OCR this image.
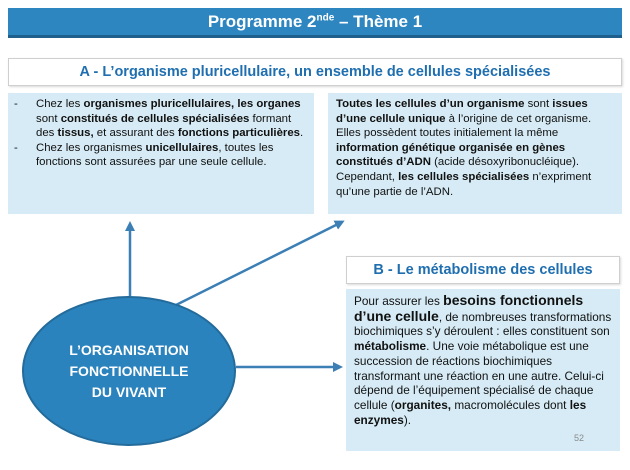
Programme 2nde – Thème 1
A - L’organisme pluricellulaire, un ensemble de cellules spécialisées
- Chez les organismes pluricellulaires, les organes sont constitués de cellules spécialisées formant des tissus, et assurant des fonctions particulières.
- Chez les organismes unicellulaires, toutes les fonctions sont assurées par une seule cellule.
Toutes les cellules d’un organisme sont issues d’une cellule unique à l’origine de cet organisme. Elles possèdent toutes initialement la même information génétique organisée en gènes constitués d’ADN (acide désoxyribonucléique). Cependant, les cellules spécialisées n’expriment qu’une partie de l’ADN.
B - Le métabolisme des cellules
Pour assurer les besoins fonctionnels d’une cellule, de nombreuses transformations biochimiques s’y déroulent : elles constituent son métabolisme. Une voie métabolique est une succession de réactions biochimiques transformant une réaction en une autre. Celui-ci dépend de l’équipement spécialisé de chaque cellule (organites, macromolécules dont les enzymes).
L’ORGANISATION
FONCTIONNELLE
DU VIVANT
52
